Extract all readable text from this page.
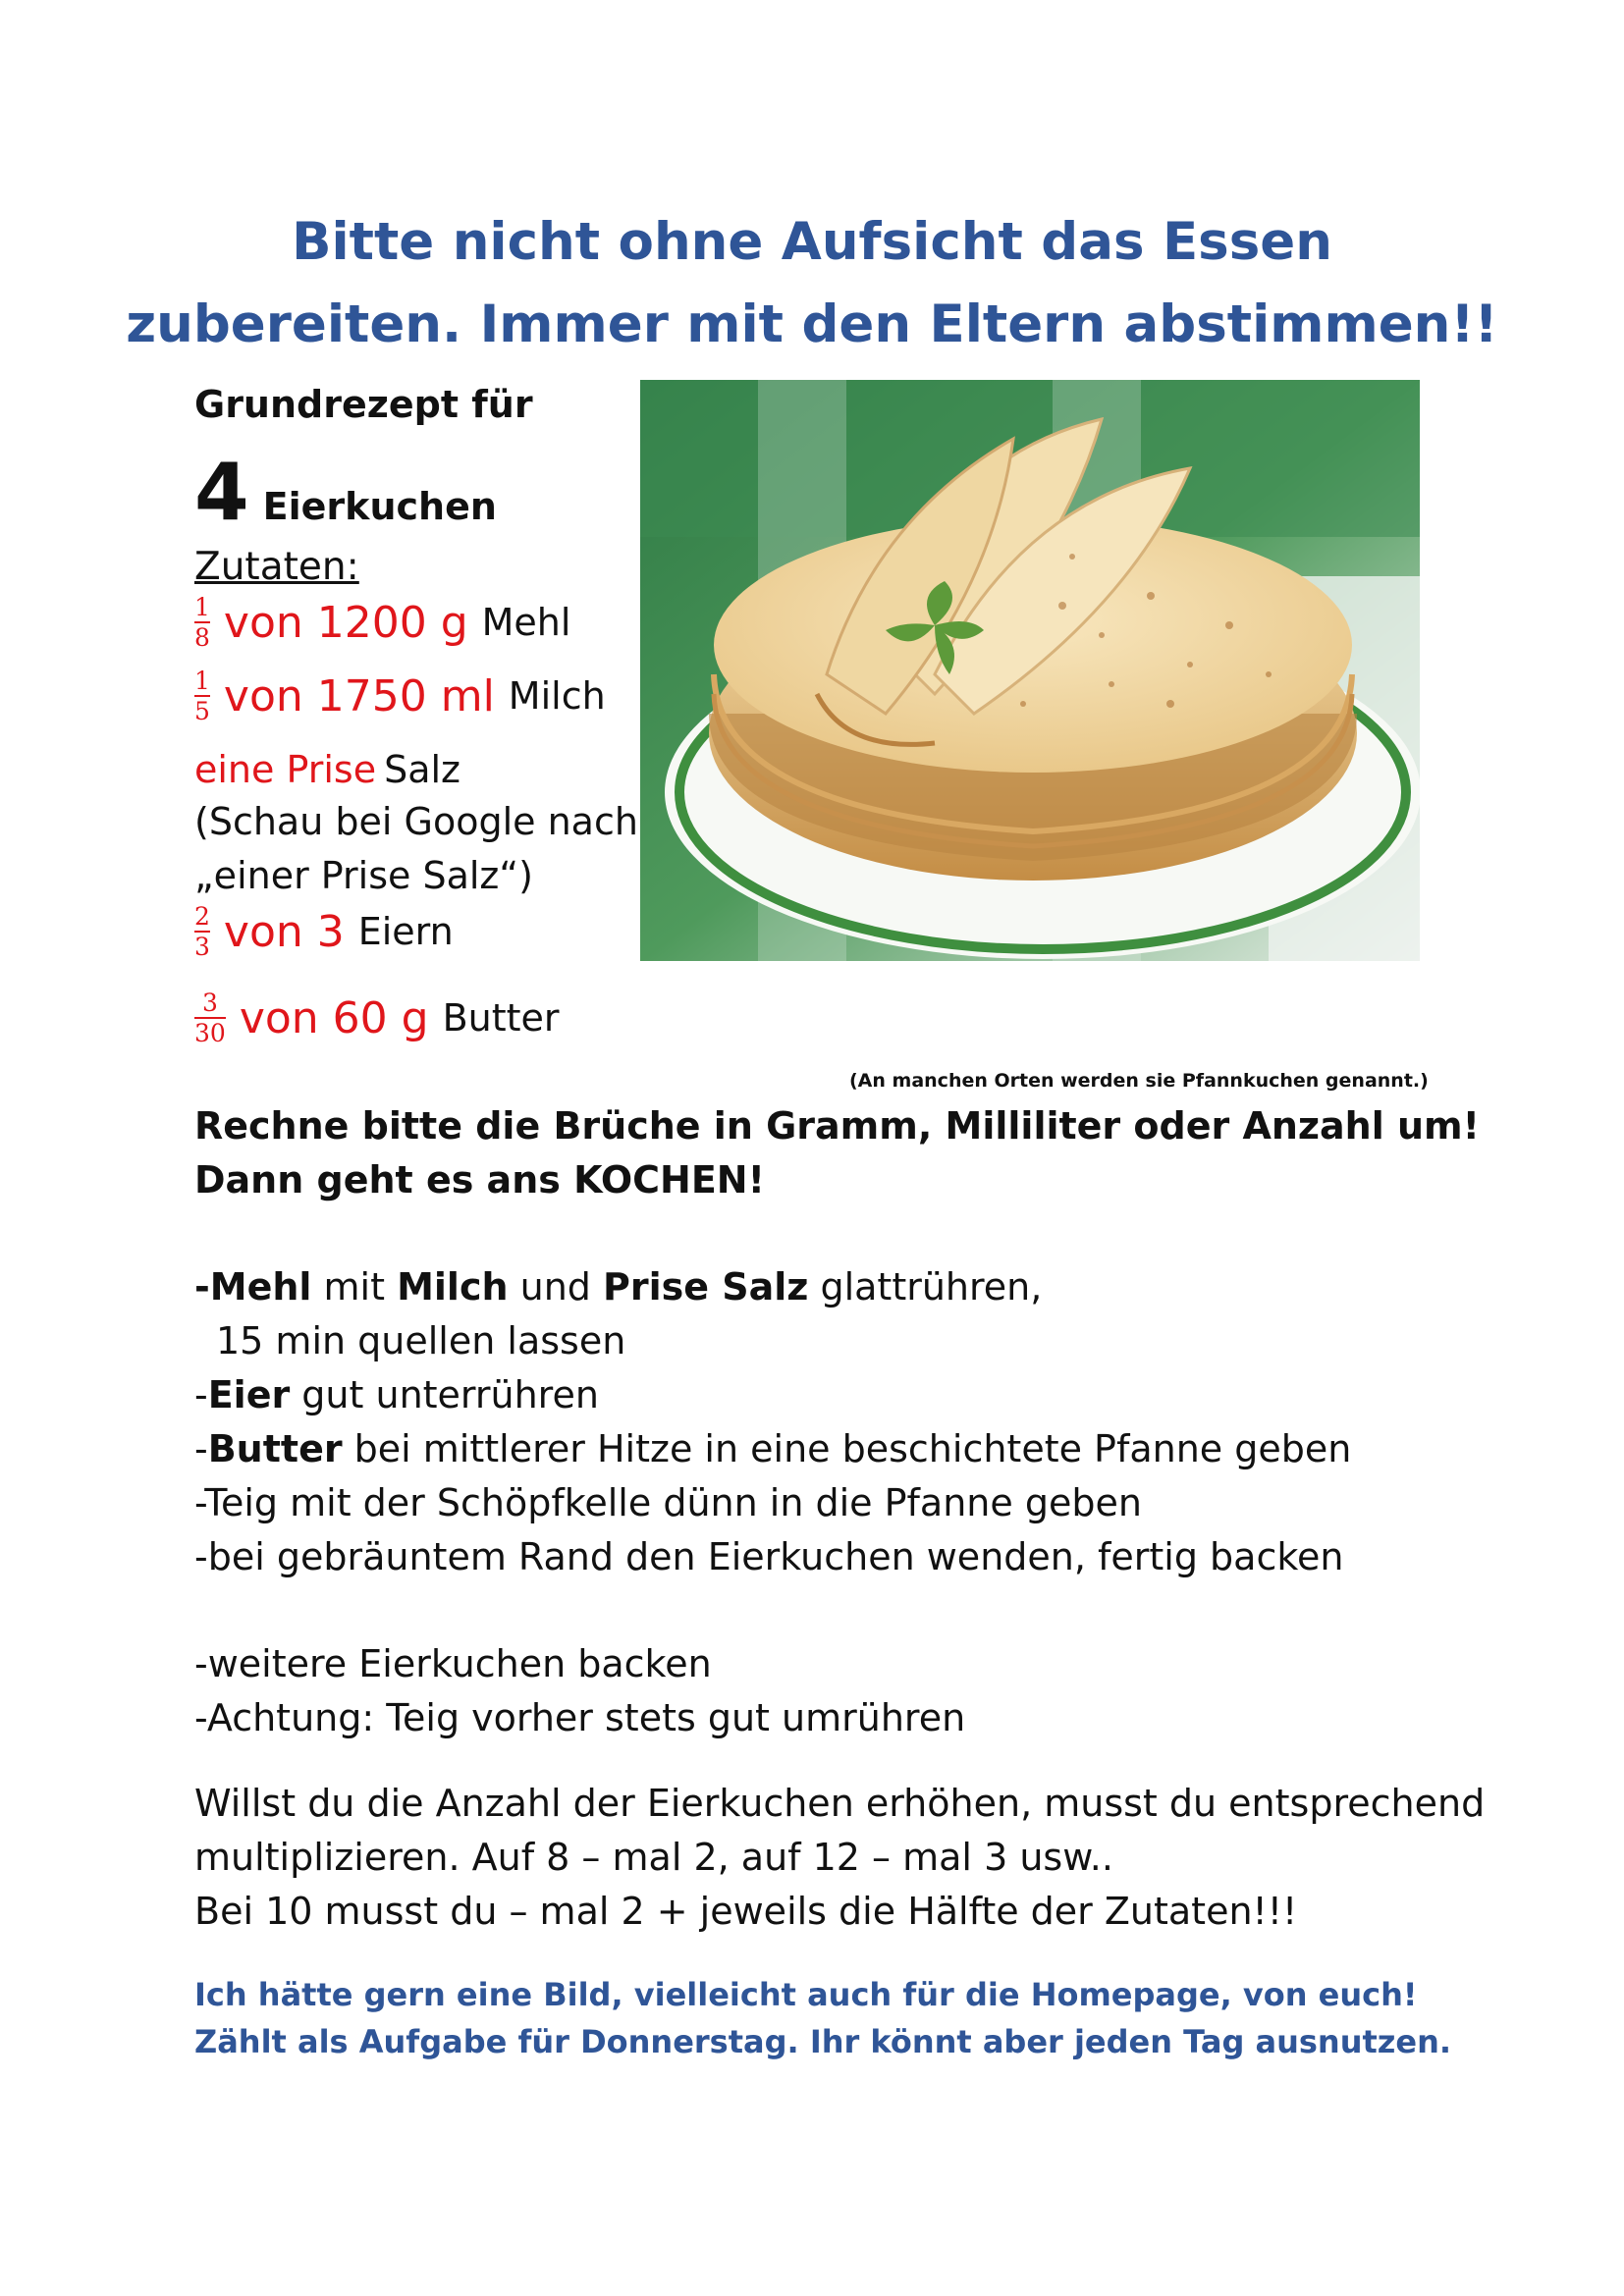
Bitte nicht ohne Aufsicht das Essen
zubereiten. Immer mit den Eltern abstimmen!!
Grundrezept für
4 Eierkuchen
Zutaten:
$\frac{1}{8}$ von 1200 g Mehl
$\frac{1}{5}$ von 1750 ml Milch
eine Prise Salz
(Schau bei Google nach
„einer Prise Salz“)
$\frac{2}{3}$ von 3 Eiern
$\frac{3}{30}$ von 60 g Butter
(An manchen Orten werden sie Pfannkuchen genannt.)
Rechne bitte die Brüche in Gramm, Milliliter oder Anzahl um!
Dann geht es ans KOCHEN!
-Mehl mit Milch und Prise Salz glattrühren,
15 min quellen lassen
-Eier gut unterrühren
-Butter bei mittlerer Hitze in eine beschichtete Pfanne geben
-Teig mit der Schöpfkelle dünn in die Pfanne geben
-bei gebräuntem Rand den Eierkuchen wenden, fertig backen
-weitere Eierkuchen backen
-Achtung: Teig vorher stets gut umrühren
Willst du die Anzahl der Eierkuchen erhöhen, musst du entsprechend
multiplizieren. Auf 8 – mal 2, auf 12 – mal 3 usw..
Bei 10 musst du – mal 2 + jeweils die Hälfte der Zutaten!!!
Ich hätte gern eine Bild, vielleicht auch für die Homepage, von euch!
Zählt als Aufgabe für Donnerstag. Ihr könnt aber jeden Tag ausnutzen.
